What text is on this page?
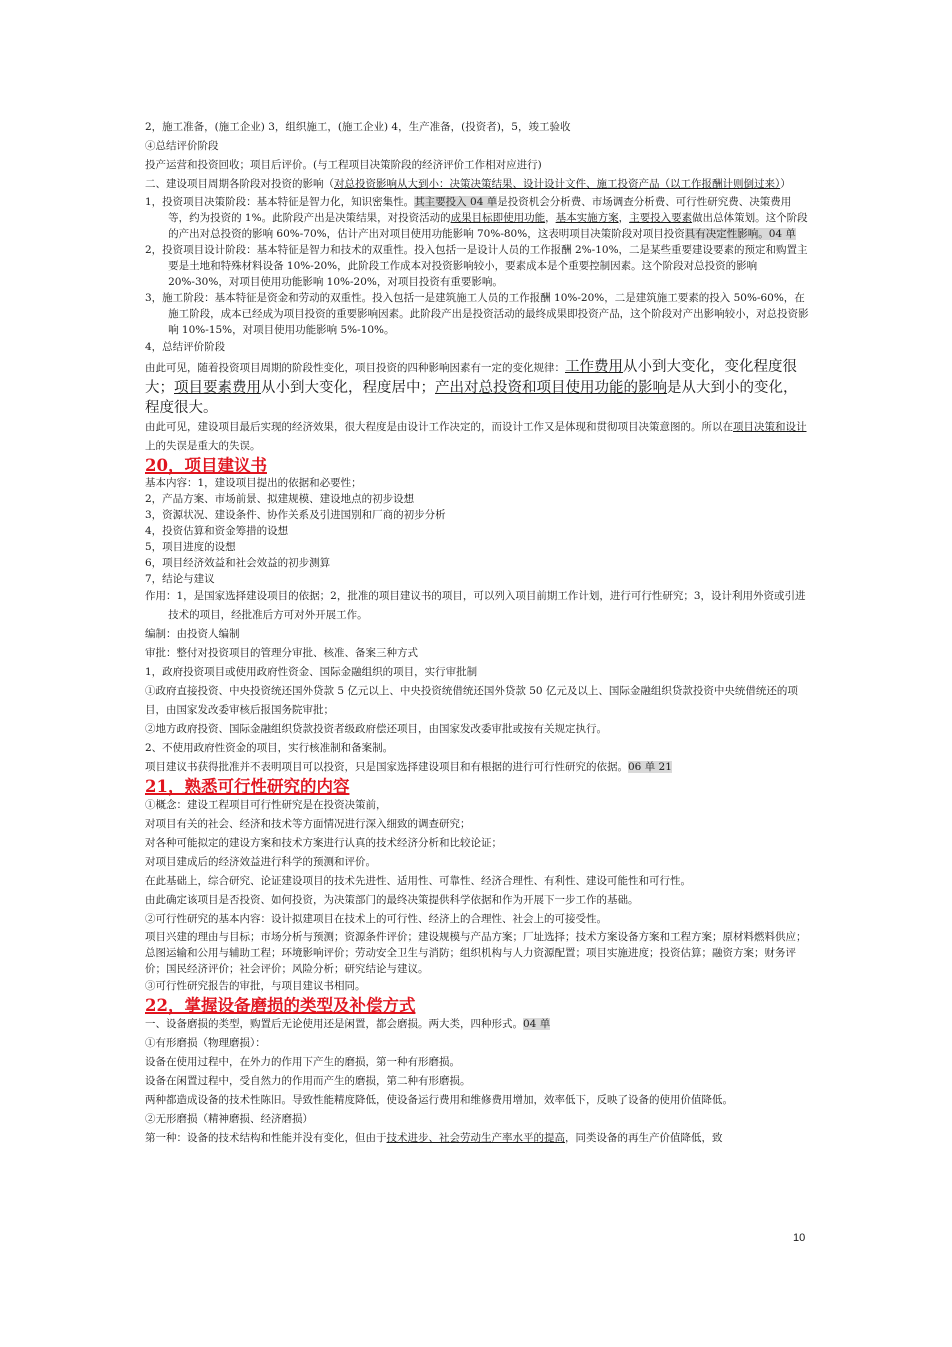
2，施工准备，(施工企业) 3，组织施工，(施工企业) 4，生产准备，(投资者)，5，竣工验收

④总结评价阶段

投产运营和投资回收；项目后评价。(与工程项目决策阶段的经济评价工作相对应进行)

二、建设项目周期各阶段对投资的影响（对总投资影响从大到小：决策决策结果、设计设计文件、施工投资产品（以工作报酬计则倒过来））

1，投资项目决策阶段：基本特征是智力化，知识密集性。其主要投入 04 单是投资机会分析费、市场调查分析费、可行性研究费、决策费用等，约为投资的 1%。此阶段产出是决策结果，对投资活动的成果目标即使用功能，基本实施方案，主要投入要素做出总体策划。这个阶段的产出对总投资的影响 60%-70%，估计产出对项目使用功能影响 70%-80%，这表明项目决策阶段对项目投资具有决定性影响。04 单

2，投资项目设计阶段：基本特征是智力和技术的双重性。投入包括一是设计人员的工作报酬 2%-10%，二是某些重要建设要素的预定和购置主要是土地和特殊材料设备 10%-20%，此阶段工作成本对投资影响较小，要素成本是个重要控制因素。这个阶段对总投资的影响 20%-30%，对项目使用功能影响 10%-20%，对项目投资有重要影响。

3，施工阶段：基本特征是资金和劳动的双重性。投入包括一是建筑施工人员的工作报酬 10%-20%，二是建筑施工要素的投入 50%-60%，在施工阶段，成本已经成为项目投资的重要影响因素。此阶段产出是投资活动的最终成果即投资产品，这个阶段对产出影响较小，对总投资影响 10%-15%，对项目使用功能影响 5%-10%。

4，总结评价阶段

由此可见，随着投资项目周期的阶段性变化，项目投资的四种影响因素有一定的变化规律：工作费用从小到大变化，变化程度很大；项目要素费用从小到大变化，程度居中；产出对总投资和项目使用功能的影响是从大到小的变化，程度很大。

由此可见，建设项目最后实现的经济效果，很大程度是由设计工作决定的，而设计工作又是体现和贯彻项目决策意图的。所以在项目决策和设计上的失误是重大的失误。

20，项目建议书

基本内容：1，建设项目提出的依据和必要性；

2，产品方案、市场前景、拟建规模、建设地点的初步设想

3，资源状况、建设条件、协作关系及引进国别和厂商的初步分析

4，投资估算和资金筹措的设想

5，项目进度的设想

6，项目经济效益和社会效益的初步测算

7，结论与建议

作用：1，是国家选择建设项目的依据；2，批准的项目建议书的项目，可以列入项目前期工作计划，进行可行性研究；3，设计利用外资或引进技术的项目，经批准后方可对外开展工作。

编制：由投资人编制

审批：整付对投资项目的管理分审批、核准、备案三种方式

1，政府投资项目或使用政府性资金、国际金融组织的项目，实行审批制

①政府直接投资、中央投资统还国外贷款 5 亿元以上、中央投资统借统还国外贷款 50 亿元及以上、国际金融组织贷款投资中央统借统还的项目，由国家发改委审核后报国务院审批；

②地方政府投资、国际金融组织贷款投资者级政府偿还项目，由国家发改委审批或按有关规定执行。

2、不使用政府性资金的项目，实行核准制和备案制。

项目建议书获得批准并不表明项目可以投资，只是国家选择建设项目和有根据的进行可行性研究的依据。06 单 21

21，熟悉可行性研究的内容

①概念：建设工程项目可行性研究是在投资决策前，

对项目有关的社会、经济和技术等方面情况进行深入细致的调查研究；

对各种可能拟定的建设方案和技术方案进行认真的技术经济分析和比较论证；

对项目建成后的经济效益进行科学的预测和评价。

在此基础上，综合研究、论证建设项目的技术先进性、适用性、可靠性、经济合理性、有利性、建设可能性和可行性。

由此确定该项目是否投资、如何投资，为决策部门的最终决策提供科学依据和作为开展下一步工作的基础。

②可行性研究的基本内容：设计拟建项目在技术上的可行性、经济上的合理性、社会上的可接受性。

项目兴建的理由与目标；市场分析与预测；资源条件评价；建设规模与产品方案；厂址选择；技术方案设备方案和工程方案；原材料燃料供应；总图运输和公用与辅助工程；环境影响评价；劳动安全卫生与消防；组织机构与人力资源配置；项目实施进度；投资估算；融资方案；财务评价；国民经济评价；社会评价；风险分析；研究结论与建议。

③可行性研究报告的审批，与项目建议书相同。

22，掌握设备磨损的类型及补偿方式

一、设备磨损的类型，购置后无论使用还是闲置，都会磨损。两大类，四种形式。04 单

①有形磨损（物理磨损）：

设备在使用过程中，在外力的作用下产生的磨损，第一种有形磨损。

设备在闲置过程中，受自然力的作用而产生的磨损，第二种有形磨损。

两种都造成设备的技术性陈旧。导致性能精度降低，使设备运行费用和维修费用增加，效率低下，反映了设备的使用价值降低。

②无形磨损（精神磨损、经济磨损）

第一种：设备的技术结构和性能并没有变化，但由于技术进步、社会劳动生产率水平的提高，同类设备的再生产价值降低，致

10
